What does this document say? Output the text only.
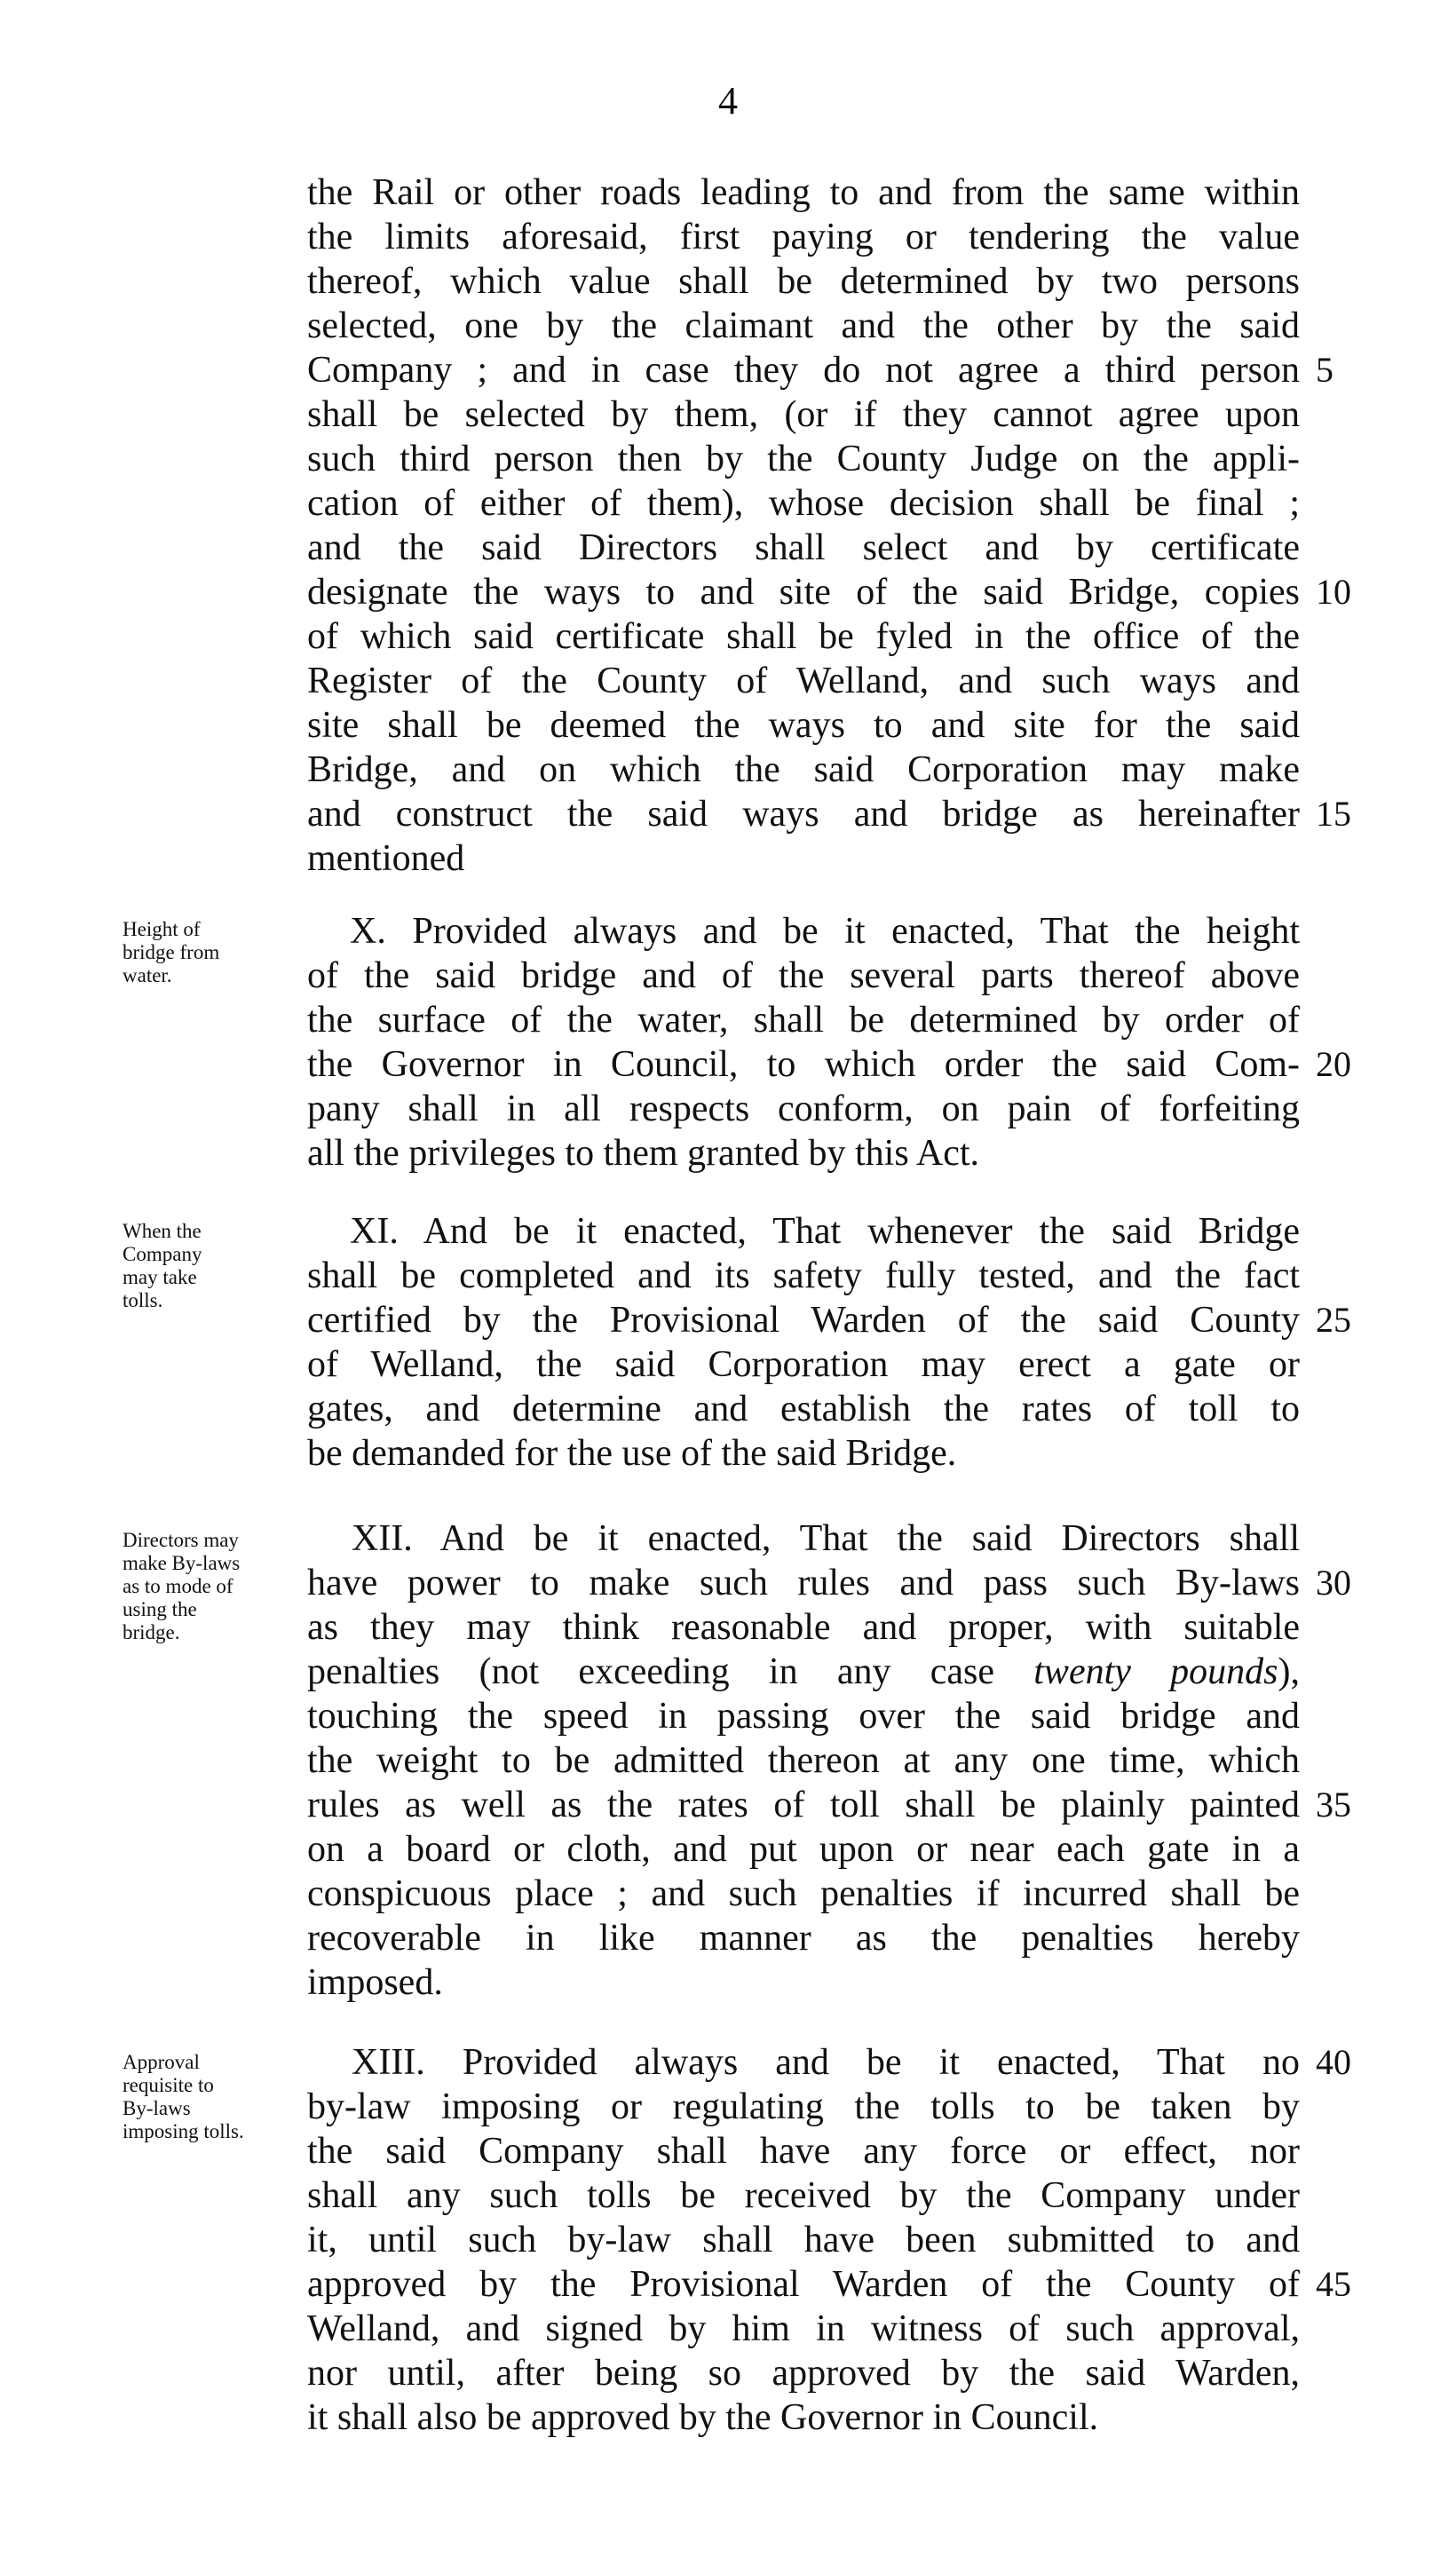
4
the Rail or other roads leading to and from the same within
the limits aforesaid, first paying or tendering the value
thereof, which value shall be determined by two persons
selected, one by the claimant and the other by the said
Company ; and in case they do not agree a third person
shall be selected by them, (or if they cannot agree upon
such third person then by the County Judge on the appli-
cation of either of them), whose decision shall be final ;
and the said Directors shall select and by certificate
designate the ways to and site of the said Bridge, copies
of which said certificate shall be fyled in the office of the
Register of the County of Welland, and such ways and
site shall be deemed the ways to and site for the said
Bridge, and on which the said Corporation may make
and construct the said ways and bridge as hereinafter
mentioned
Height of
bridge from
water.
X. Provided always and be it enacted, That the height
of the said bridge and of the several parts thereof above
the surface of the water, shall be determined by order of
the Governor in Council, to which order the said Com-
pany shall in all respects conform, on pain of forfeiting
all the privileges to them granted by this Act.
When the
Company
may take
tolls.
XI. And be it enacted, That whenever the said Bridge
shall be completed and its safety fully tested, and the fact
certified by the Provisional Warden of the said County
of Welland, the said Corporation may erect a gate or
gates, and determine and establish the rates of toll to
be demanded for the use of the said Bridge.
Directors may
make By-laws
as to mode of
using the
bridge.
XII. And be it enacted, That the said Directors shall
have power to make such rules and pass such By-laws
as they may think reasonable and proper, with suitable
penalties (not exceeding in any case twenty pounds),
touching the speed in passing over the said bridge and
the weight to be admitted thereon at any one time, which
rules as well as the rates of toll shall be plainly painted
on a board or cloth, and put upon or near each gate in a
conspicuous place ; and such penalties if incurred shall be
recoverable in like manner as the penalties hereby
imposed.
Approval
requisite to
By-laws
imposing tolls.
XIII. Provided always and be it enacted, That no
by-law imposing or regulating the tolls to be taken by
the said Company shall have any force or effect, nor
shall any such tolls be received by the Company under
it, until such by-law shall have been submitted to and
approved by the Provisional Warden of the County of
Welland, and signed by him in witness of such approval,
nor until, after being so approved by the said Warden,
it shall also be approved by the Governor in Council.
5
10
15
20
25
30
35
40
45
